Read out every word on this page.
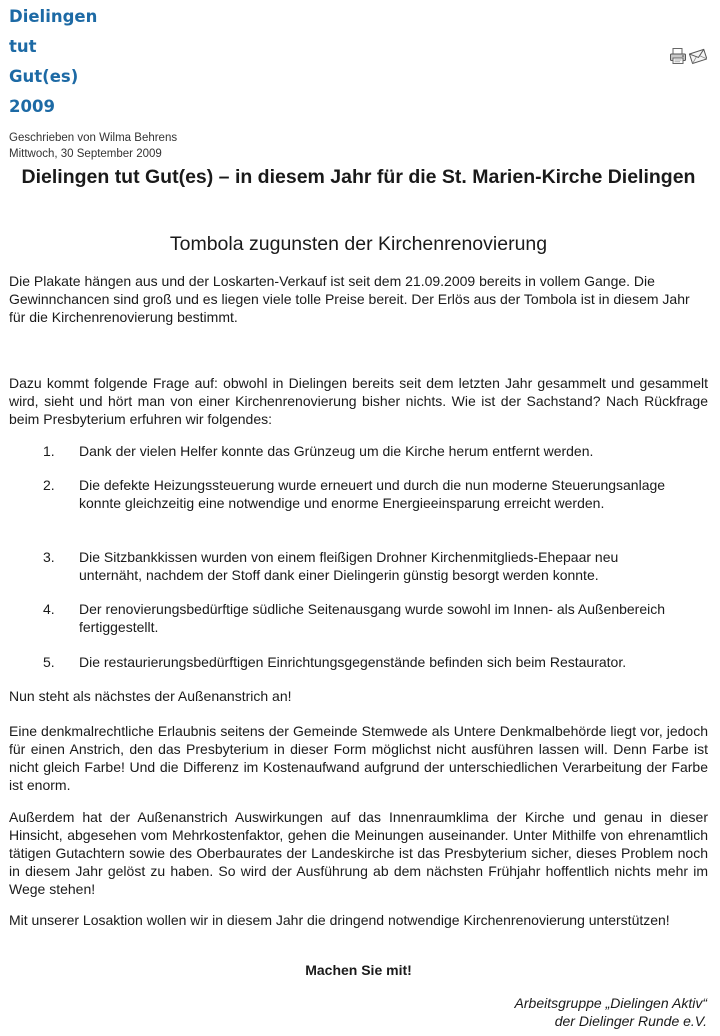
Dielingen
tut
Gut(es)
2009
Geschrieben von Wilma Behrens
Mittwoch, 30 September 2009
Dielingen tut Gut(es) – in diesem Jahr für die St. Marien-Kirche Dielingen
Tombola zugunsten der Kirchenrenovierung

Die Plakate hängen aus und der Loskarten-Verkauf ist seit dem 21.09.2009 bereits in vollem Gange. Die Gewinnchancen sind groß und es liegen viele tolle Preise bereit. Der Erlös aus der Tombola ist in diesem Jahr für die Kirchenrenovierung bestimmt.

Dazu kommt folgende Frage auf: obwohl in Dielingen bereits seit dem letzten Jahr gesammelt und gesammelt wird, sieht und hört man von einer Kirchenrenovierung bisher nichts. Wie ist der Sachstand? Nach Rückfrage beim Presbyterium erfuhren wir folgendes:

1.	Dank der vielen Helfer konnte das Grünzeug um die Kirche herum entfernt werden.
2.	Die defekte Heizungssteuerung wurde erneuert und durch die nun moderne Steuerungsanlage konnte gleichzeitig eine notwendige und enorme Energieeinsparung erreicht werden.
3.	Die Sitzbankkissen wurden von einem fleißigen Drohner Kirchenmitglieds-Ehepaar neu unternäht, nachdem der Stoff dank einer Dielingerin günstig besorgt werden konnte.
4.	Der renovierungsbedürftige südliche Seitenausgang wurde sowohl im Innen- als Außenbereich fertiggestellt.
5.	Die restaurierungsbedürftigen Einrichtungsgegenstände befinden sich beim Restaurator.

Nun steht als nächstes der Außenanstrich an!

Eine denkmalrechtliche Erlaubnis seitens der Gemeinde Stemwede als Untere Denkmalbehörde liegt vor, jedoch für einen Anstrich, den das Presbyterium in dieser Form möglichst nicht ausführen lassen will. Denn Farbe ist nicht gleich Farbe! Und die Differenz im Kostenaufwand aufgrund der unterschiedlichen Verarbeitung der Farbe ist enorm.

Außerdem hat der Außenanstrich Auswirkungen auf das Innenraumklima der Kirche und genau in dieser Hinsicht, abgesehen vom Mehrkostenfaktor, gehen die Meinungen auseinander. Unter Mithilfe von ehrenamtlich tätigen Gutachtern sowie des Oberbaurates der Landeskirche ist das Presbyterium sicher, dieses Problem noch in diesem Jahr gelöst zu haben. So wird der Ausführung ab dem nächsten Frühjahr hoffentlich nichts mehr im Wege stehen!

Mit unserer Losaktion wollen wir in diesem Jahr die dringend notwendige Kirchenrenovierung unterstützen!

Machen Sie mit!

Arbeitsgruppe „Dielingen Aktiv“
der Dielinger Runde e.V.
